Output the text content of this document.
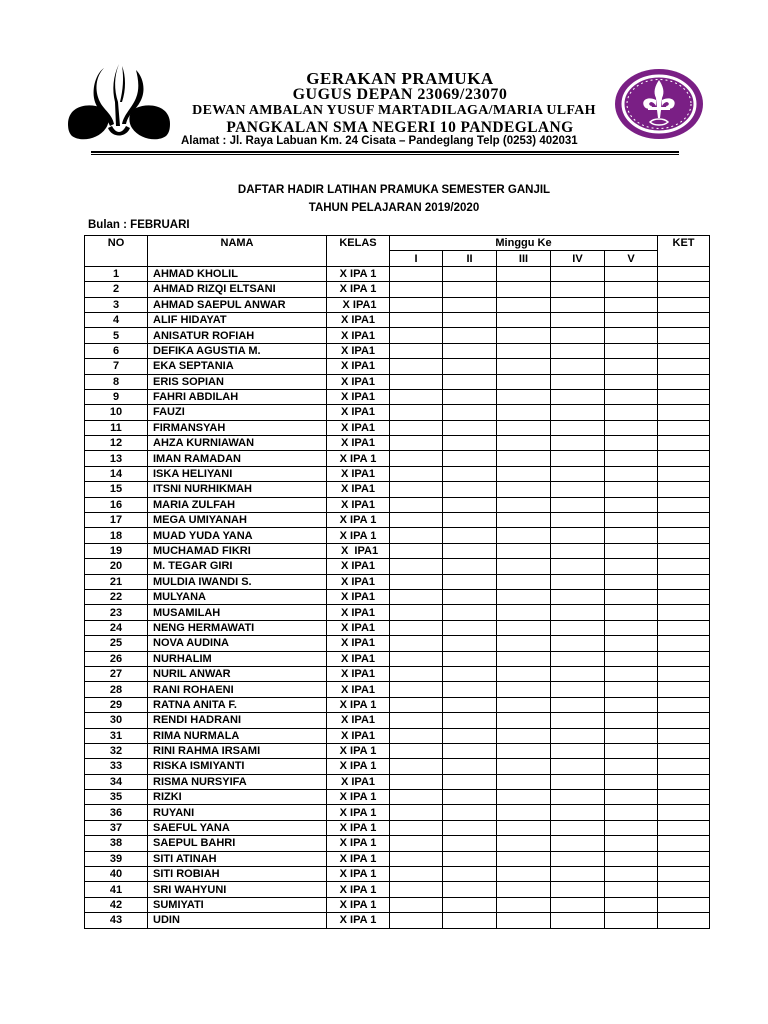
GERAKAN PRAMUKA
GUGUS DEPAN 23069/23070
DEWAN AMBALAN YUSUF MARTADILAGA/MARIA ULFAH
PANGKALAN SMA NEGERI 10 PANDEGLANG
Alamat : Jl. Raya Labuan Km. 24 Cisata – Pandeglang Telp (0253) 402031
DAFTAR HADIR LATIHAN PRAMUKA SEMESTER GANJIL
TAHUN PELAJARAN 2019/2020
Bulan : FEBRUARI
NO	NAMA	KELAS	Minggu Ke					KET
			I	II	III	IV	V	
1	AHMAD KHOLIL	X IPA 1						
2	AHMAD RIZQI ELTSANI	X IPA 1						
3	AHMAD SAEPUL ANWAR	X IPA1						
4	ALIF HIDAYAT	X IPA1						
5	ANISATUR ROFIAH	X IPA1						
6	DEFIKA AGUSTIA M.	X IPA1						
7	EKA SEPTANIA	X IPA1						
8	ERIS SOPIAN	X IPA1						
9	FAHRI ABDILAH	X IPA1						
10	FAUZI	X IPA1						
11	FIRMANSYAH	X IPA1						
12	AHZA KURNIAWAN	X IPA1						
13	IMAN RAMADAN	X IPA 1						
14	ISKA HELIYANI	X IPA1						
15	ITSNI NURHIKMAH	X IPA1						
16	MARIA ZULFAH	X IPA1						
17	MEGA UMIYANAH	X IPA 1						
18	MUAD YUDA YANA	X IPA 1						
19	MUCHAMAD FIKRI	X  IPA1						
20	M. TEGAR GIRI	X IPA1						
21	MULDIA IWANDI S.	X IPA1						
22	MULYANA	X IPA1						
23	MUSAMILAH	X IPA1						
24	NENG HERMAWATI	X IPA1						
25	NOVA AUDINA	X IPA1						
26	NURHALIM	X IPA1						
27	NURIL ANWAR	X IPA1						
28	RANI ROHAENI	X IPA1						
29	RATNA ANITA F.	X IPA 1						
30	RENDI HADRANI	X IPA1						
31	RIMA NURMALA	X IPA1						
32	RINI RAHMA IRSAMI	X IPA 1						
33	RISKA ISMIYANTI	X IPA 1						
34	RISMA NURSYIFA	X IPA1						
35	RIZKI	X IPA 1						
36	RUYANI	X IPA 1						
37	SAEFUL YANA	X IPA 1						
38	SAEPUL BAHRI	X IPA 1						
39	SITI ATINAH	X IPA 1						
40	SITI ROBIAH	X IPA 1						
41	SRI WAHYUNI	X IPA 1						
42	SUMIYATI	X IPA 1						
43	UDIN	X IPA 1						
